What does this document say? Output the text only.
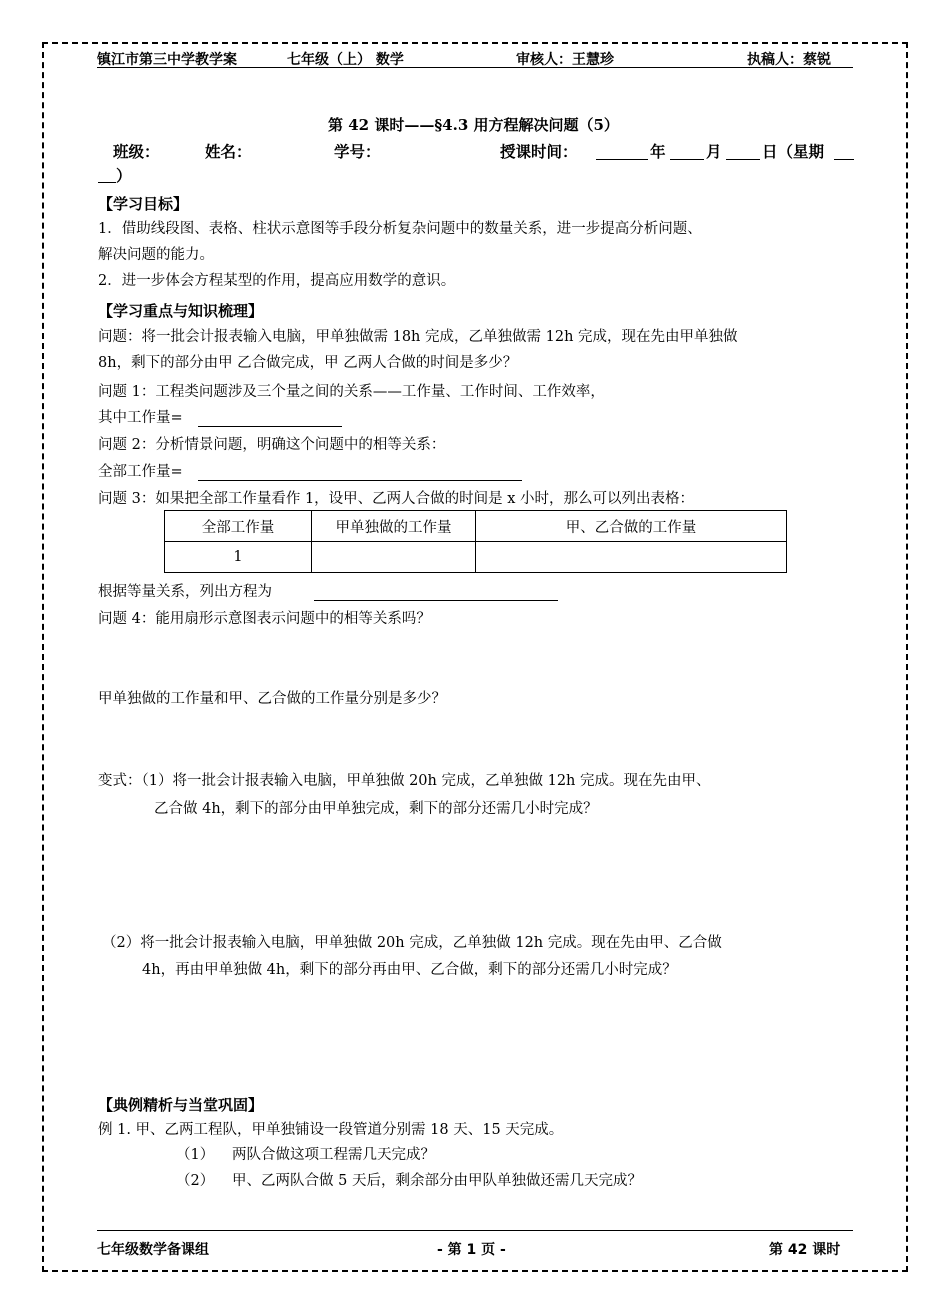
镇江市第三中学教学案	七年级（上） 数学	审核人：王慧珍	执稿人：蔡锐
第 42 课时——§4.3 用方程解决问题（5）
班级：	姓名：	学号：	授课时间：	年	月	日（星期
）
【学习目标】
1．借助线段图、表格、柱状示意图等手段分析复杂问题中的数量关系，进一步提高分析问题、
解决问题的能力。
2．进一步体会方程某型的作用，提高应用数学的意识。
【学习重点与知识梳理】
问题：将一批会计报表输入电脑，甲单独做需 18h 完成，乙单独做需 12h 完成，现在先由甲单独做
8h，剩下的部分由甲 乙合做完成，甲 乙两人合做的时间是多少？
问题 1：工程类问题涉及三个量之间的关系——工作量、工作时间、工作效率，
其中工作量=
问题 2：分析情景问题，明确这个问题中的相等关系：
全部工作量=
问题 3：如果把全部工作量看作 1，设甲、乙两人合做的时间是 x 小时，那么可以列出表格：
全部工作量	甲单独做的工作量	甲、乙合做的工作量
1		
根据等量关系，列出方程为
问题 4：能用扇形示意图表示问题中的相等关系吗？
甲单独做的工作量和甲、乙合做的工作量分别是多少？
变式：（1）将一批会计报表输入电脑，甲单独做 20h 完成，乙单独做 12h 完成。现在先由甲、
乙合做 4h，剩下的部分由甲单独完成，剩下的部分还需几小时完成？
（2）将一批会计报表输入电脑，甲单独做 20h 完成，乙单独做 12h 完成。现在先由甲、乙合做
4h，再由甲单独做 4h，剩下的部分再由甲、乙合做，剩下的部分还需几小时完成？
【典例精析与当堂巩固】
例 1. 甲、乙两工程队，甲单独铺设一段管道分别需 18 天、15 天完成。
（1） 两队合做这项工程需几天完成？
（2） 甲、乙两队合做 5 天后，剩余部分由甲队单独做还需几天完成？
七年级数学备课组	- 第 1 页 -	第 42 课时
